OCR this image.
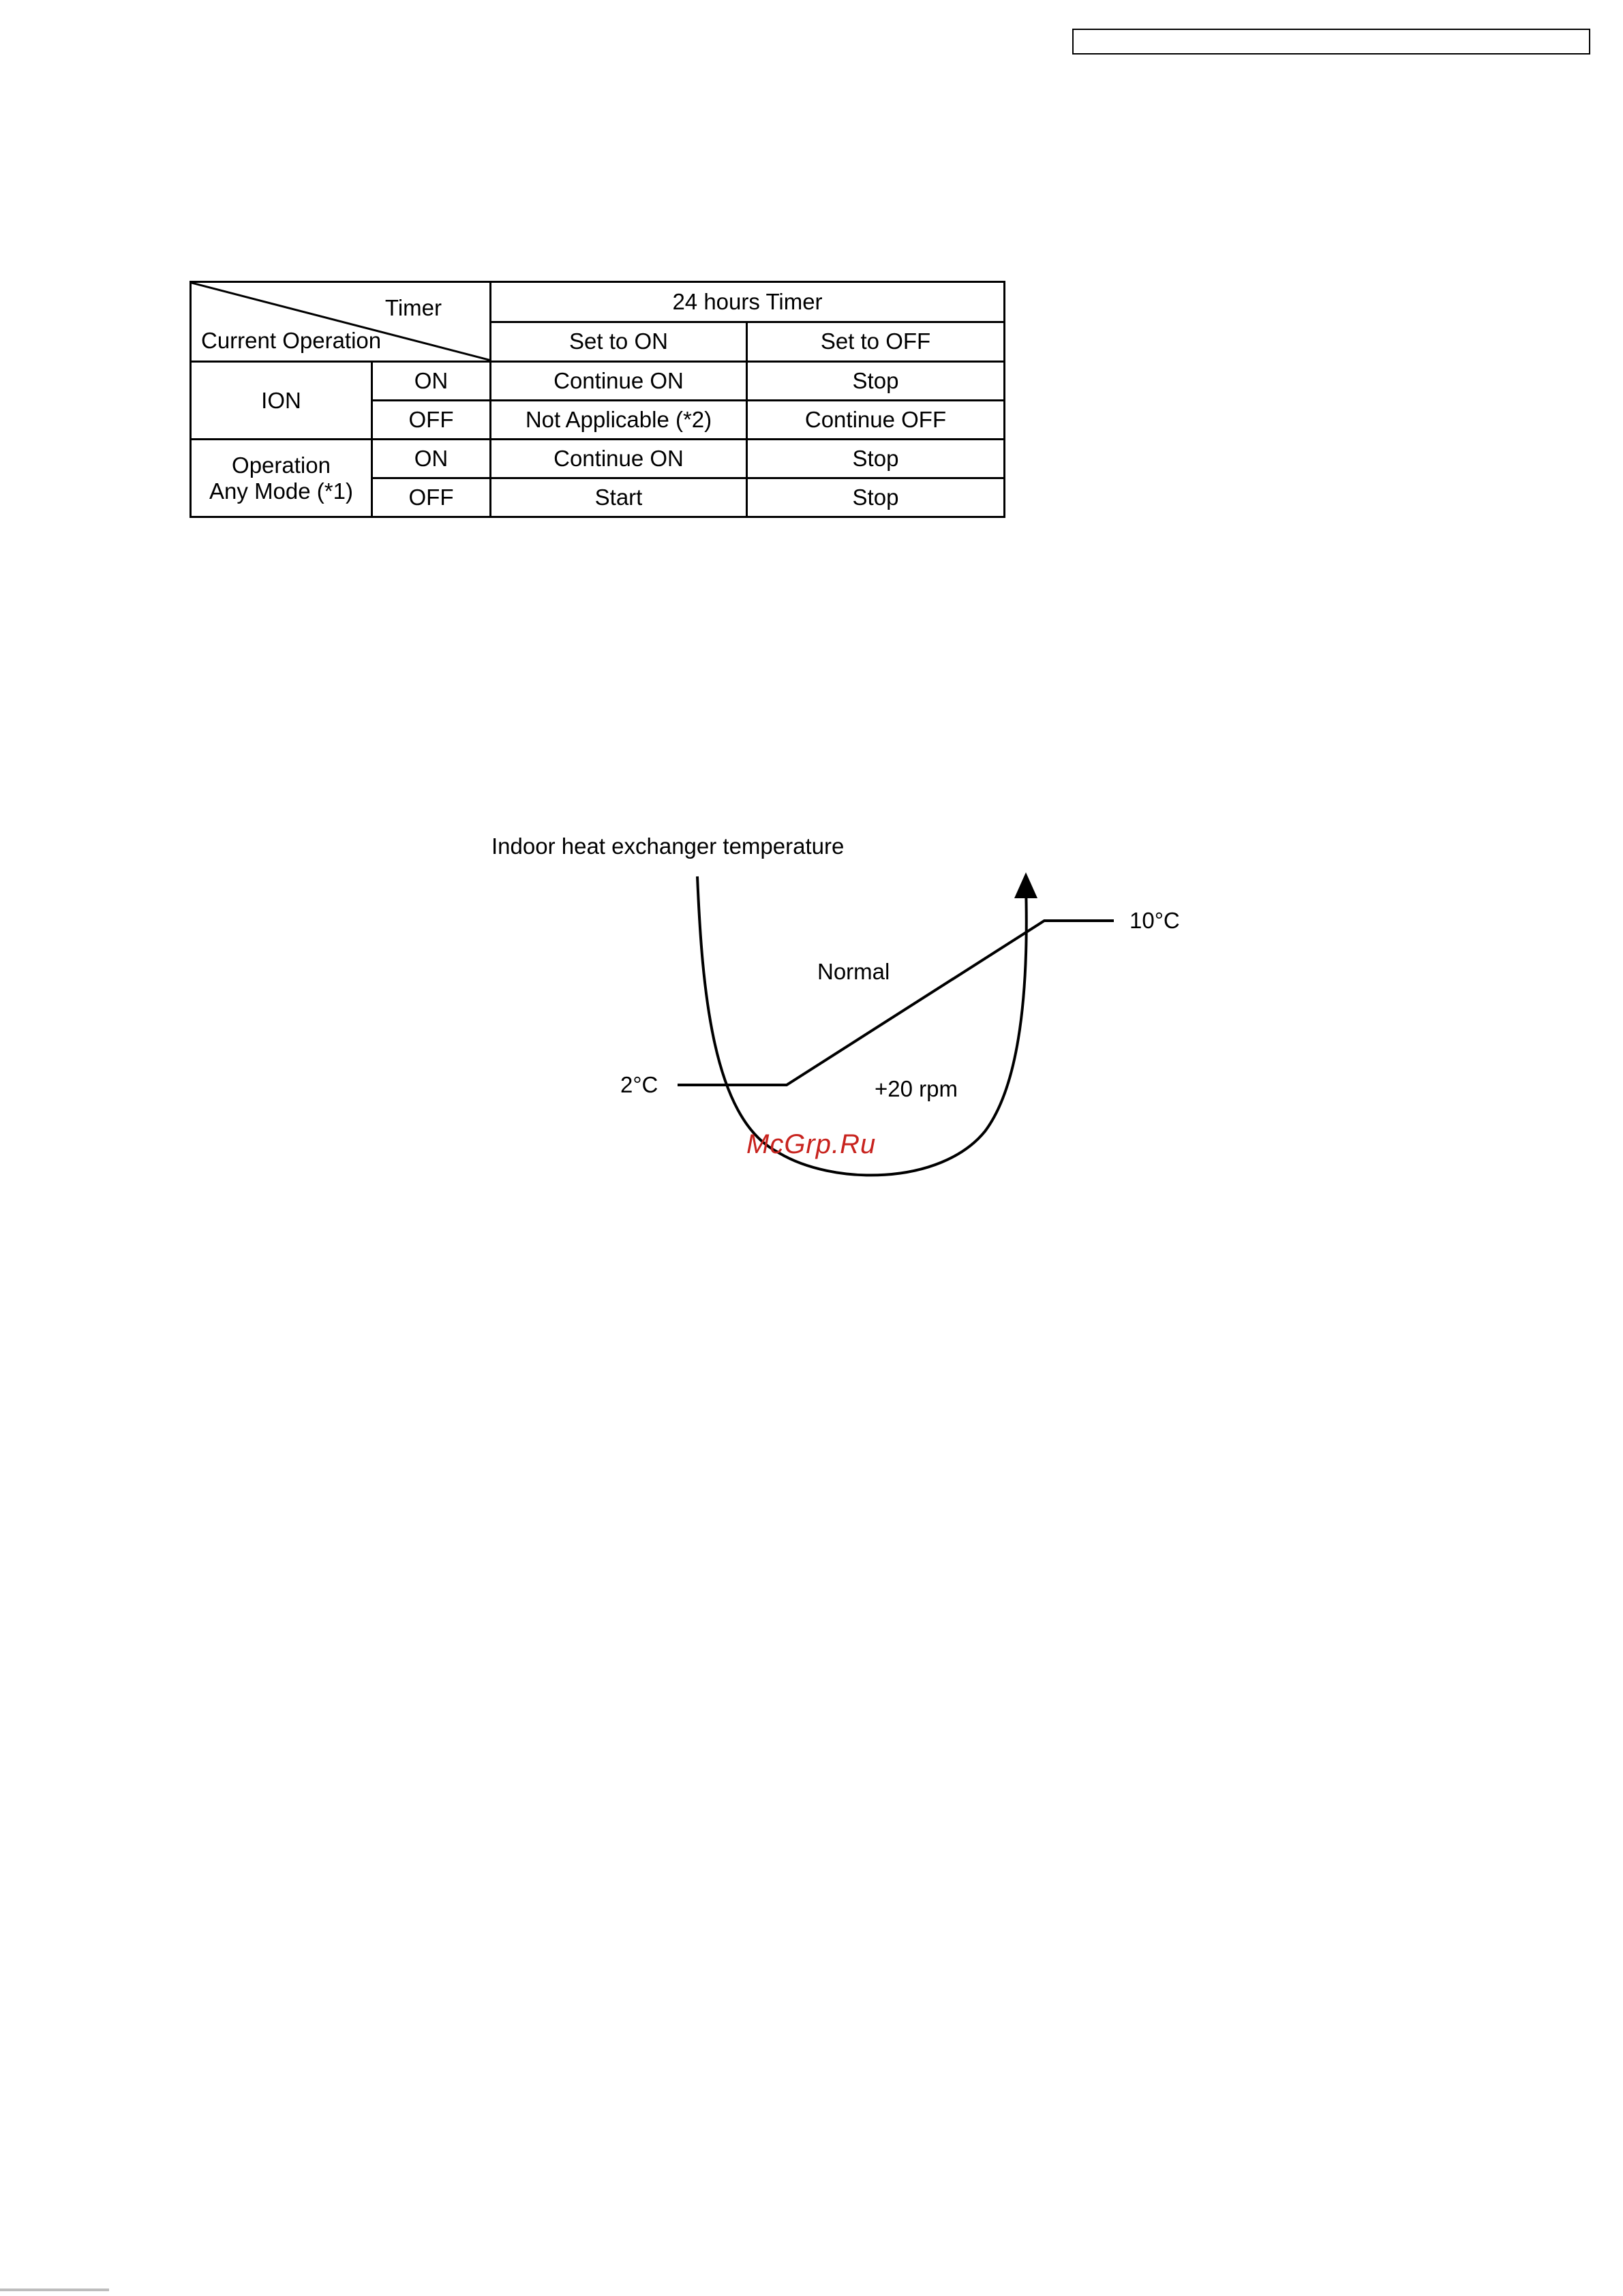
Timer
Current Operation		24 hours Timer	
		Set to ON	Set to OFF
ION	ON	Continue ON	Stop
	OFF	Not Applicable (*2)	Continue OFF

Operation
Any Mode (*1)	ON	Continue ON	Stop
	OFF	Start	Stop
Indoor heat exchanger temperature
2°C
10°C
Normal
+20 rpm
McGrp.Ru
